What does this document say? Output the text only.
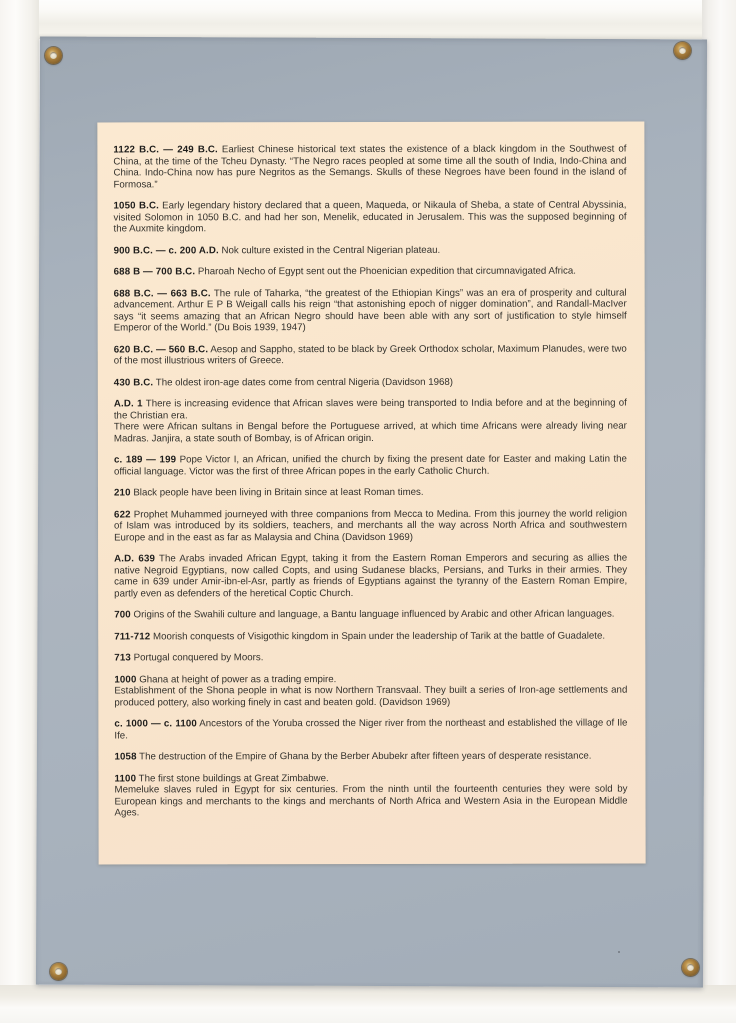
1122 B.C. — 249 B.C. Earliest Chinese historical text states the existence of a black kingdom in the Southwest of China, at the time of the Tcheu Dynasty. “The Negro races peopled at some time all the south of India, Indo-China and China. Indo-China now has pure Negritos as the Semangs. Skulls of these Negroes have been found in the island of Formosa.”

1050 B.C. Early legendary history declared that a queen, Maqueda, or Nikaula of Sheba, a state of Central Abyssinia, visited Solomon in 1050 B.C. and had her son, Menelik, educated in Jerusalem. This was the supposed beginning of the Auxmite kingdom.

900 B.C. — c. 200 A.D. Nok culture existed in the Central Nigerian plateau.

688 B — 700 B.C. Pharoah Necho of Egypt sent out the Phoenician expedition that circumnavigated Africa.

688 B.C. — 663 B.C. The rule of Taharka, “the greatest of the Ethiopian Kings” was an era of prosperity and cultural advancement. Arthur E P B Weigall calls his reign “that astonishing epoch of nigger domination”, and Randall-MacIver says “it seems amazing that an African Negro should have been able with any sort of justification to style himself Emperor of the World.” (Du Bois 1939, 1947)

620 B.C. — 560 B.C. Aesop and Sappho, stated to be black by Greek Orthodox scholar, Maximum Planudes, were two of the most illustrious writers of Greece.

430 B.C. The oldest iron-age dates come from central Nigeria (Davidson 1968)

A.D. 1 There is increasing evidence that African slaves were being transported to India before and at the beginning of the Christian era.
There were African sultans in Bengal before the Portuguese arrived, at which time Africans were already living near Madras. Janjira, a state south of Bombay, is of African origin.

c. 189 — 199 Pope Victor I, an African, unified the church by fixing the present date for Easter and making Latin the official language. Victor was the first of three African popes in the early Catholic Church.

210 Black people have been living in Britain since at least Roman times.

622 Prophet Muhammed journeyed with three companions from Mecca to Medina. From this journey the world religion of Islam was introduced by its soldiers, teachers, and merchants all the way across North Africa and southwestern Europe and in the east as far as Malaysia and China (Davidson 1969)

A.D. 639 The Arabs invaded African Egypt, taking it from the Eastern Roman Emperors and securing as allies the native Negroid Egyptians, now called Copts, and using Sudanese blacks, Persians, and Turks in their armies. They came in 639 under Amir-ibn-el-Asr, partly as friends of Egyptians against the tyranny of the Eastern Roman Empire, partly even as defenders of the heretical Coptic Church.

700 Origins of the Swahili culture and language, a Bantu language influenced by Arabic and other African languages.

711-712 Moorish conquests of Visigothic kingdom in Spain under the leadership of Tarik at the battle of Guadalete.

713 Portugal conquered by Moors.

1000 Ghana at height of power as a trading empire.
Establishment of the Shona people in what is now Northern Transvaal. They built a series of Iron-age settlements and produced pottery, also working finely in cast and beaten gold. (Davidson 1969)

c. 1000 — c. 1100 Ancestors of the Yoruba crossed the Niger river from the northeast and established the village of Ile Ife.

1058 The destruction of the Empire of Ghana by the Berber Abubekr after fifteen years of desperate resistance.

1100 The first stone buildings at Great Zimbabwe.
Memeluke slaves ruled in Egypt for six centuries. From the ninth until the fourteenth centuries they were sold by European kings and merchants to the kings and merchants of North Africa and Western Asia in the European Middle Ages.
